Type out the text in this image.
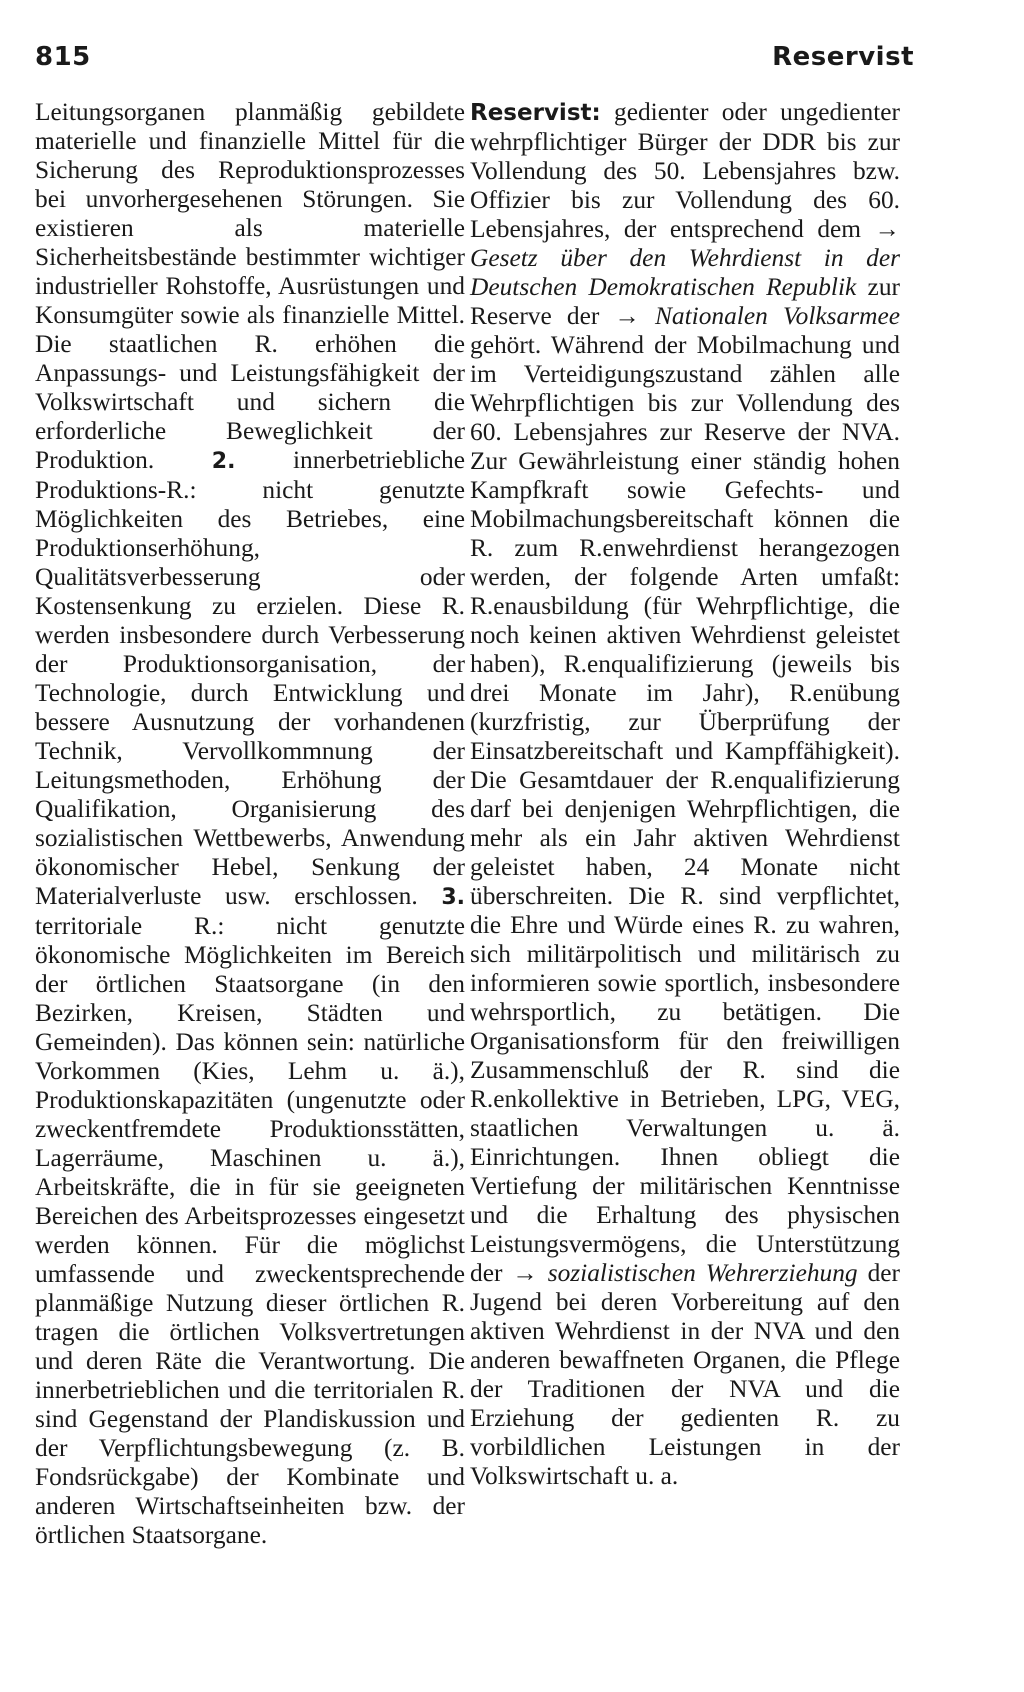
815	Reservist

Leitungsorganen planmäßig gebildete materielle und finanzielle Mittel für die Sicherung des Reproduktionsprozesses bei unvorhergesehenen Störungen. Sie existieren als materielle Sicherheitsbestände bestimmter wichtiger industrieller Rohstoffe, Ausrüstungen und Konsumgüter sowie als finanzielle Mittel. Die staatlichen R. erhöhen die Anpassungs- und Leistungsfähigkeit der Volkswirtschaft und sichern die erforderliche Beweglichkeit der Produktion. 2. innerbetriebliche Produktions-R.: nicht genutzte Möglichkeiten des Betriebes, eine Produktionserhöhung, Qualitätsverbesserung oder Kostensenkung zu erzielen. Diese R. werden insbesondere durch Verbesserung der Produktionsorganisation, der Technologie, durch Entwicklung und bessere Ausnutzung der vorhandenen Technik, Vervollkommnung der Leitungsmethoden, Erhöhung der Qualifikation, Organisierung des sozialistischen Wettbewerbs, Anwendung ökonomischer Hebel, Senkung der Materialverluste usw. erschlossen. 3. territoriale R.: nicht genutzte ökonomische Möglichkeiten im Bereich der örtlichen Staatsorgane (in den Bezirken, Kreisen, Städten und Gemeinden). Das können sein: natürliche Vorkommen (Kies, Lehm u. ä.), Produktionskapazitäten (ungenutzte oder zweckentfremdete Produktionsstätten, Lagerräume, Maschinen u. ä.), Arbeitskräfte, die in für sie geeigneten Bereichen des Arbeitsprozesses eingesetzt werden können. Für die möglichst umfassende und zweckentsprechende planmäßige Nutzung dieser örtlichen R. tragen die örtlichen Volksvertretungen und deren Räte die Verantwortung. Die innerbetrieblichen und die territorialen R. sind Gegenstand der Plandiskussion und der Verpflichtungsbewegung (z. B. Fondsrückgabe) der Kombinate und anderen Wirtschaftseinheiten bzw. der örtlichen Staatsorgane.

Reservist: gedienter oder ungedienter wehrpflichtiger Bürger der DDR bis zur Vollendung des 50. Lebensjahres bzw. Offizier bis zur Vollendung des 60. Lebensjahres, der entsprechend dem → Gesetz über den Wehrdienst in der Deutschen Demokratischen Republik zur Reserve der → Nationalen Volksarmee gehört. Während der Mobilmachung und im Verteidigungszustand zählen alle Wehrpflichtigen bis zur Vollendung des 60. Lebensjahres zur Reserve der NVA. Zur Gewährleistung einer ständig hohen Kampfkraft sowie Gefechts- und Mobilmachungsbereitschaft können die R. zum R.enwehrdienst herangezogen werden, der folgende Arten umfaßt: R.enausbildung (für Wehrpflichtige, die noch keinen aktiven Wehrdienst geleistet haben), R.enqualifizierung (jeweils bis drei Monate im Jahr), R.enübung (kurzfristig, zur Überprüfung der Einsatzbereitschaft und Kampffähigkeit). Die Gesamtdauer der R.enqualifizierung darf bei denjenigen Wehrpflichtigen, die mehr als ein Jahr aktiven Wehrdienst geleistet haben, 24 Monate nicht überschreiten. Die R. sind verpflichtet, die Ehre und Würde eines R. zu wahren, sich militärpolitisch und militärisch zu informieren sowie sportlich, insbesondere wehrsportlich, zu betätigen. Die Organisationsform für den freiwilligen Zusammenschluß der R. sind die R.enkollektive in Betrieben, LPG, VEG, staatlichen Verwaltungen u. ä. Einrichtungen. Ihnen obliegt die Vertiefung der militärischen Kenntnisse und die Erhaltung des physischen Leistungsvermögens, die Unterstützung der → sozialistischen Wehrerziehung der Jugend bei deren Vorbereitung auf den aktiven Wehrdienst in der NVA und den anderen bewaffneten Organen, die Pflege der Traditionen der NVA und die Erziehung der gedienten R. zu vorbildlichen Leistungen in der Volkswirtschaft u. a.
